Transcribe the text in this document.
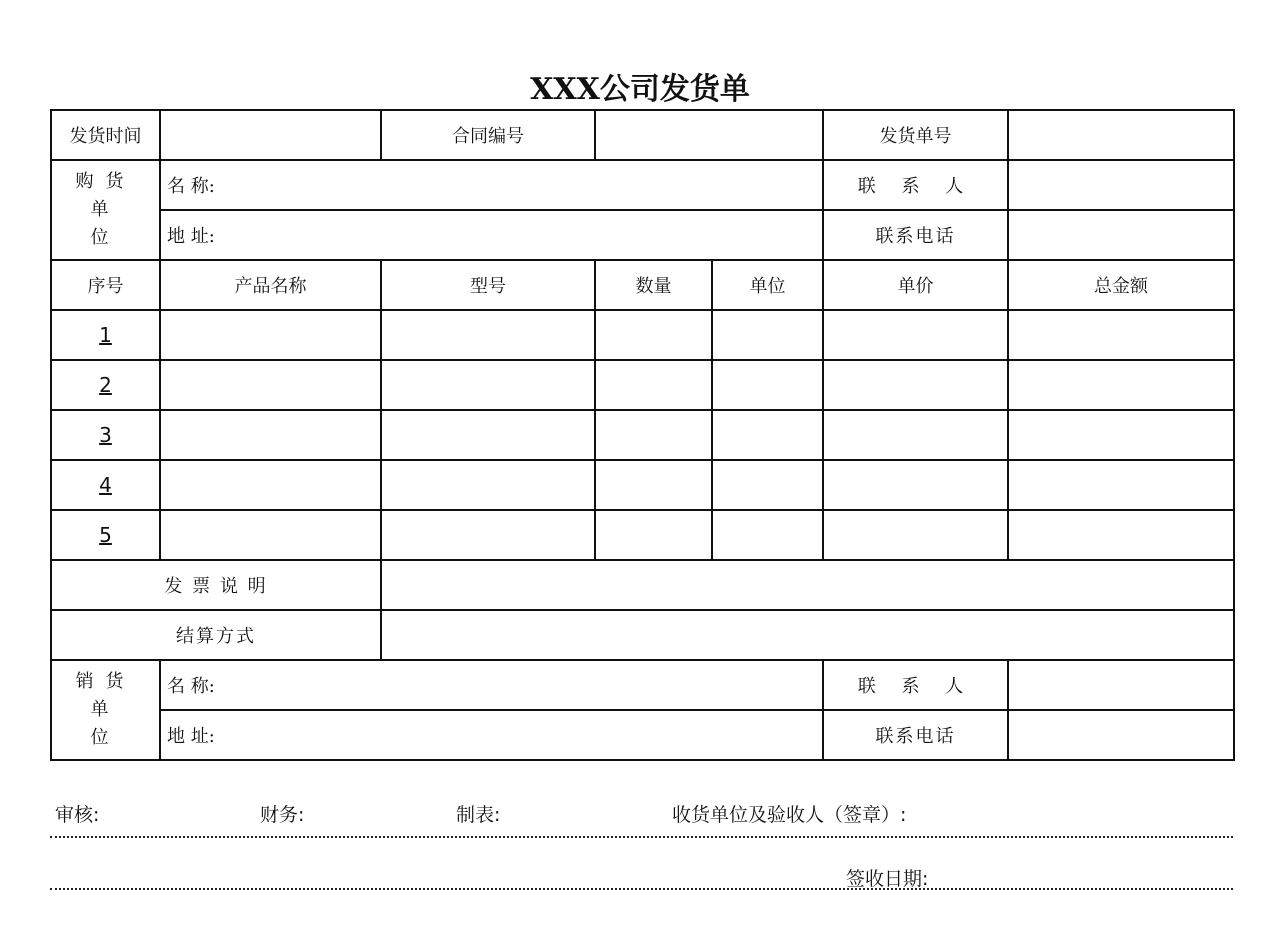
XXX公司发货单
发货时间		合同编号			发货单号	

购货 单
位	名 称:				联 系 人	
	地 址:				联系电话	
序号	产品名称	型号	数量	单位	单价	总金额
1						
2						
3						
4						
5						
发 票 说 明						
结算方式						

销货 单
位	名 称:				联 系 人	
	地 址:				联系电话	
审核:	财务:	制表:	收货单位及验收人（签章）:
签收日期:
